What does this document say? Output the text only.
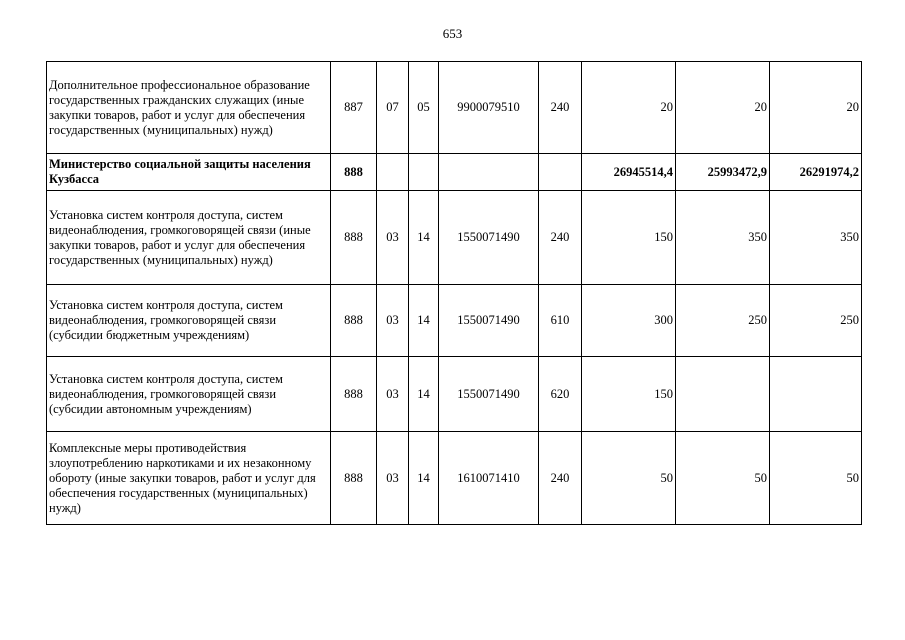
653
Дополнительное профессиональное образование государственных гражданских служащих (иные закупки товаров, работ и услуг для обеспечения государственных (муниципальных) нужд)	887	07	05	9900079510	240	20	20	20
Министерство социальной защиты населения Кузбасса	888					26945514,4	25993472,9	26291974,2
Установка систем контроля доступа, систем видеонаблюдения, громкоговорящей связи (иные закупки товаров, работ и услуг для обеспечения государственных (муниципальных) нужд)	888	03	14	1550071490	240	150	350	350
Установка систем контроля доступа, систем видеонаблюдения, громкоговорящей связи (субсидии бюджетным учреждениям)	888	03	14	1550071490	610	300	250	250
Установка систем контроля доступа, систем видеонаблюдения, громкоговорящей связи (субсидии автономным учреждениям)	888	03	14	1550071490	620	150		
Комплексные меры противодействия злоупотреблению наркотиками и их незаконному обороту (иные закупки товаров, работ и услуг для обеспечения государственных (муниципальных) нужд)	888	03	14	1610071410	240	50	50	50
